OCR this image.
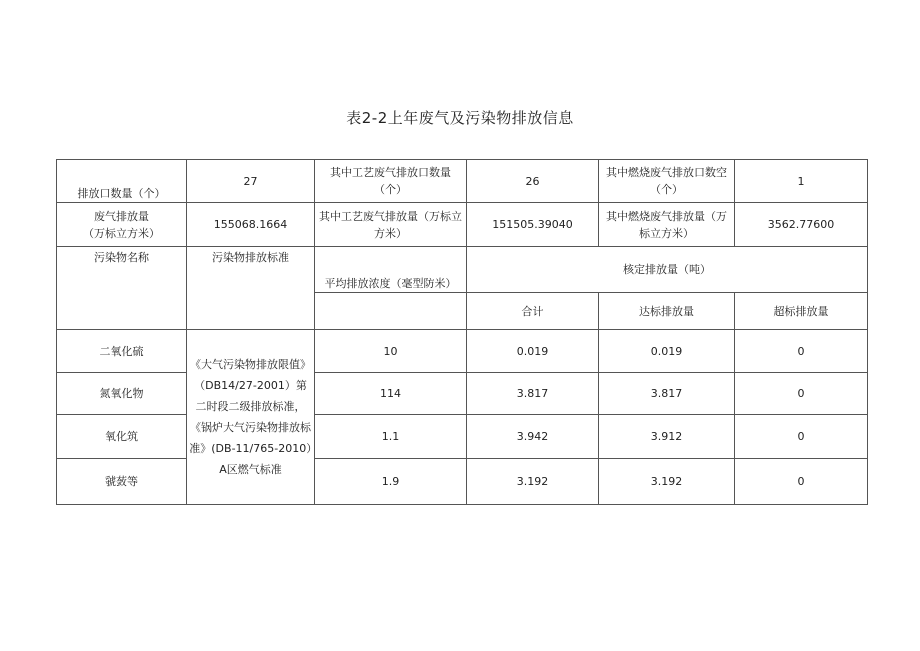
表2-2上年废气及污染物排放信息
排放口数量（个）	27	其中工艺废气排放口数量（个）	26	其中燃烧废气排放口数空（个）	1

废气排放量
（万标立方米）	155068.1664	其中工艺废气排放量（万标立方米）	151505.39040	其中燃烧废气排放量（万标立方米）	3562.77600
污染物名称	污染物排放标准	平均排放浓度（毫型防米）	核定排放量（吨）		
			合计	达标排放量	超标排放量
二氧化硫	《大气污染物排放限值》（DB14/27-2001）第二时段二级排放标准，《锅炉大气污染物排放标准》(DB-11/765-2010）A区燃气标准	10	0.019	0.019	0
氮氧化物		114	3.817	3.817	0
氧化筑		1.1	3.942	3.912	0
虢蔹等		1.9	3.192	3.192	0
